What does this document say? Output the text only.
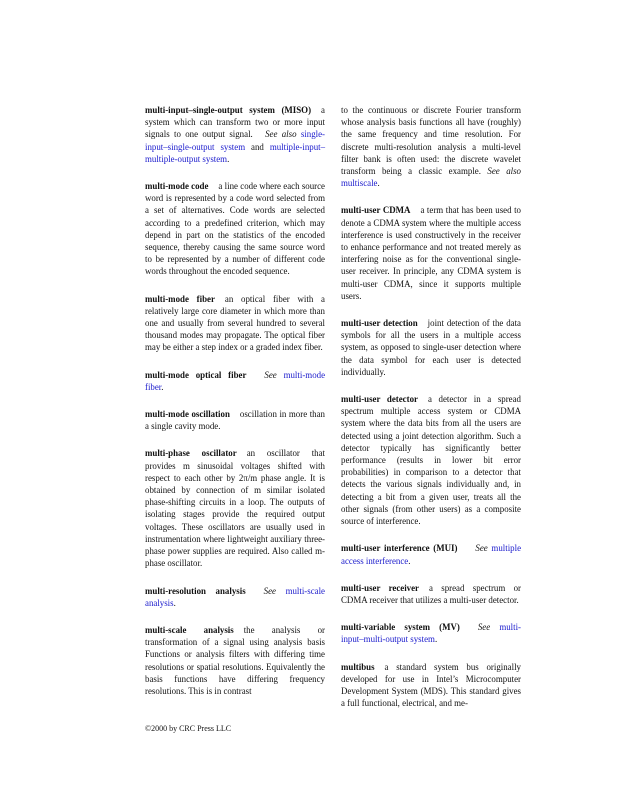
multi-input–single-output system (MISO) a system which can transform two or more input signals to one output signal. See also single-input–single-output system and multiple-input–multiple-output system.

multi-mode code a line code where each source word is represented by a code word selected from a set of alternatives. Code words are selected according to a predefined criterion, which may depend in part on the statistics of the encoded sequence, thereby causing the same source word to be represented by a number of different code words throughout the encoded sequence.

multi-mode fiber an optical fiber with a relatively large core diameter in which more than one and usually from several hundred to several thousand modes may propagate. The optical fiber may be either a step index or a graded index fiber.

multi-mode optical fiber See multi-mode fiber.

multi-mode oscillation oscillation in more than a single cavity mode.

multi-phase oscillator an oscillator that provides m sinusoidal voltages shifted with respect to each other by 2π/m phase angle. It is obtained by connection of m similar isolated phase-shifting circuits in a loop. The outputs of isolating stages provide the required output voltages. These oscillators are usually used in instrumentation where lightweight auxiliary three-phase power supplies are required. Also called m-phase oscillator.

multi-resolution analysis See multi-scale analysis.

multi-scale analysis the analysis or transformation of a signal using analysis basis Functions or analysis filters with differing time resolutions or spatial resolutions. Equivalently the basis functions have differing frequency resolutions. This is in contrast

to the continuous or discrete Fourier transform whose analysis basis functions all have (roughly) the same frequency and time resolution. For discrete multi-resolution analysis a multi-level filter bank is often used: the discrete wavelet transform being a classic example. See also multiscale.

multi-user CDMA a term that has been used to denote a CDMA system where the multiple access interference is used constructively in the receiver to enhance performance and not treated merely as interfering noise as for the conventional single-user receiver. In principle, any CDMA system is multi-user CDMA, since it supports multiple users.

multi-user detection joint detection of the data symbols for all the users in a multiple access system, as opposed to single-user detection where the data symbol for each user is detected individually.

multi-user detector a detector in a spread spectrum multiple access system or CDMA system where the data bits from all the users are detected using a joint detection algorithm. Such a detector typically has significantly better performance (results in lower bit error probabilities) in comparison to a detector that detects the various signals individually and, in detecting a bit from a given user, treats all the other signals (from other users) as a composite source of interference.

multi-user interference (MUI) See multiple access interference.

multi-user receiver a spread spectrum or CDMA receiver that utilizes a multi-user detector.

multi-variable system (MV) See multi-input–multi-output system.

multibus a standard system bus originally developed for use in Intel’s Microcomputer Development System (MDS). This standard gives a full functional, electrical, and me-

©2000 by CRC Press LLC
